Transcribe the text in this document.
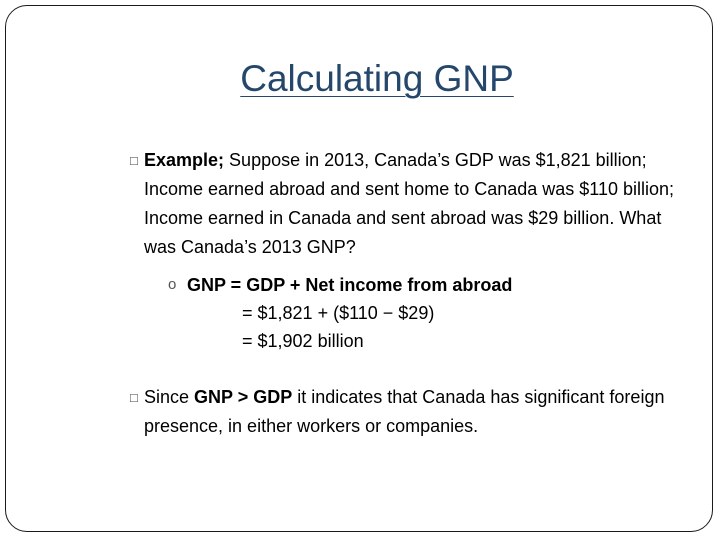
Calculating GNP
□ Example; Suppose in 2013, Canada’s GDP was $1,821 billion; Income earned abroad and sent home to Canada was $110 billion; Income earned in Canada and sent abroad was $29 billion. What was Canada’s 2013 GNP?
o GNP = GDP + Net income from abroad
= $1,821 + ($110 − $29)
= $1,902 billion
□ Since GNP > GDP it indicates that Canada has significant foreign presence, in either workers or companies.
